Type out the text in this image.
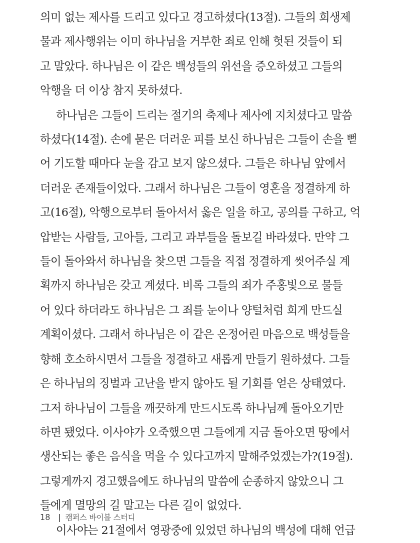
의미 없는 제사를 드리고 있다고 경고하셨다(13절). 그들의 희생제
물과 제사행위는 이미 하나님을 거부한 죄로 인해 헛된 것들이 되
고 말았다. 하나님은 이 같은 백성들의 위선을 증오하셨고 그들의
악행을 더 이상 참지 못하셨다.

하나님은 그들이 드리는 절기의 축제나 제사에 지치셨다고 말씀
하셨다(14절). 손에 묻은 더러운 피를 보신 하나님은 그들이 손을 뻗
어 기도할 때마다 눈을 감고 보지 않으셨다. 그들은 하나님 앞에서
더러운 존재들이었다. 그래서 하나님은 그들이 영혼을 정결하게 하
고(16절), 악행으로부터 돌아서서 옳은 일을 하고, 공의를 구하고, 억
압받는 사람들, 고아들, 그리고 과부들을 돌보길 바라셨다. 만약 그
들이 돌아와서 하나님을 찾으면 그들을 직접 정결하게 씻어주실 계
획까지 하나님은 갖고 계셨다. 비록 그들의 죄가 주홍빛으로 물들
어 있다 하더라도 하나님은 그 죄를 눈이나 양털처럼 희게 만드실
계획이셨다. 그래서 하나님은 이 같은 온정어린 마음으로 백성들을
향해 호소하시면서 그들을 정결하고 새롭게 만들기 원하셨다. 그들
은 하나님의 징벌과 고난을 받지 않아도 될 기회를 얻은 상태였다.
그저 하나님이 그들을 깨끗하게 만드시도록 하나님께 돌아오기만
하면 됐었다. 이사야가 오죽했으면 그들에게 지금 돌아오면 땅에서
생산되는 좋은 음식을 먹을 수 있다고까지 말해주었겠는가?(19절).
그렇게까지 경고했음에도 하나님의 말씀에 순종하지 않았으니 그
들에게 멸망의 길 말고는 다른 길이 없었다.

이사야는 21절에서 영광중에 있었던 하나님의 백성에 대해 언급

18 캠퍼스 바이블 스터디
